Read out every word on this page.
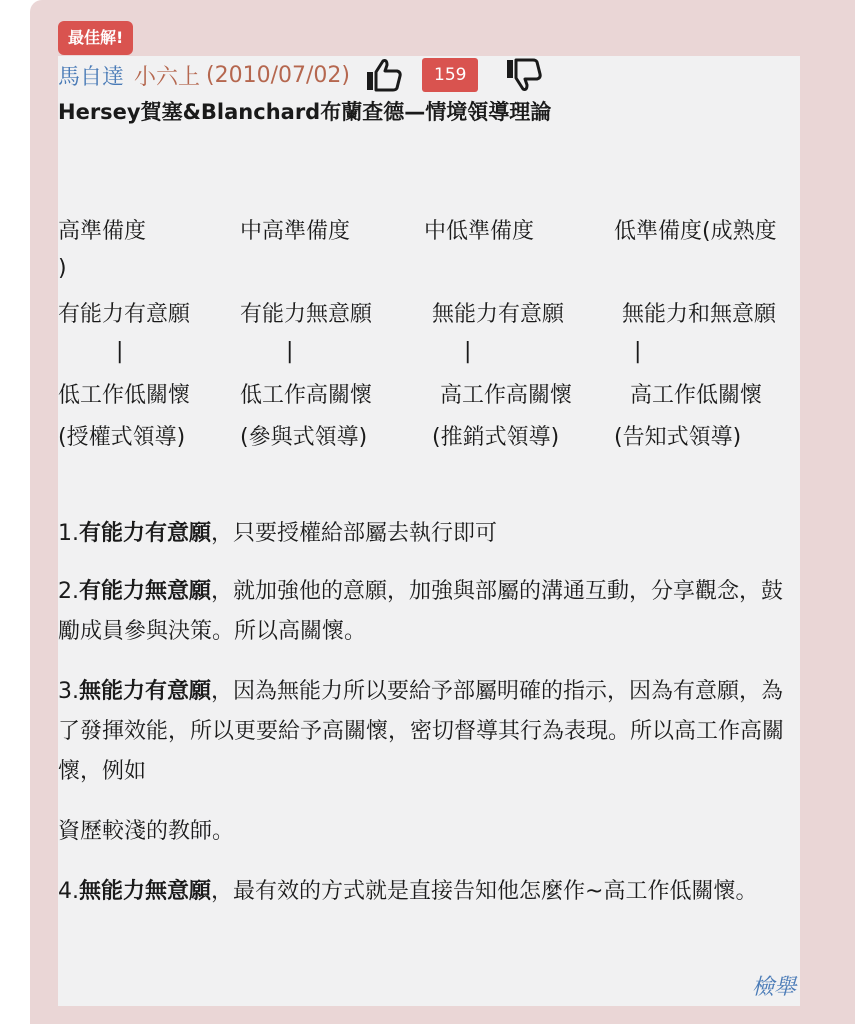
最佳解!
馬自達 小六上 (2010/07/02)	159
Hersey賀塞&Blanchard布蘭查德—情境領導理論
高準備度	中高準備度	中低準備度	低準備度(成熟度
)
有能力有意願 有能力無意願	無能力有意願	無能力和無意願
|	|	|	|
低工作低關懷 低工作高關懷	高工作高關懷	高工作低關懷
(授權式領導) (參與式領導)	(推銷式領導) (告知式領導)
1.有能力有意願，只要授權給部屬去執行即可
2.有能力無意願，就加強他的意願，加強與部屬的溝通互動，分享觀念，鼓勵成員參與決策。所以高關懷。
3.無能力有意願，因為無能力所以要給予部屬明確的指示，因為有意願，為了發揮效能，所以更要給予高關懷，密切督導其行為表現。所以高工作高關懷，例如
資歷較淺的教師。
4.無能力無意願，最有效的方式就是直接告知他怎麼作~高工作低關懷。
檢舉
